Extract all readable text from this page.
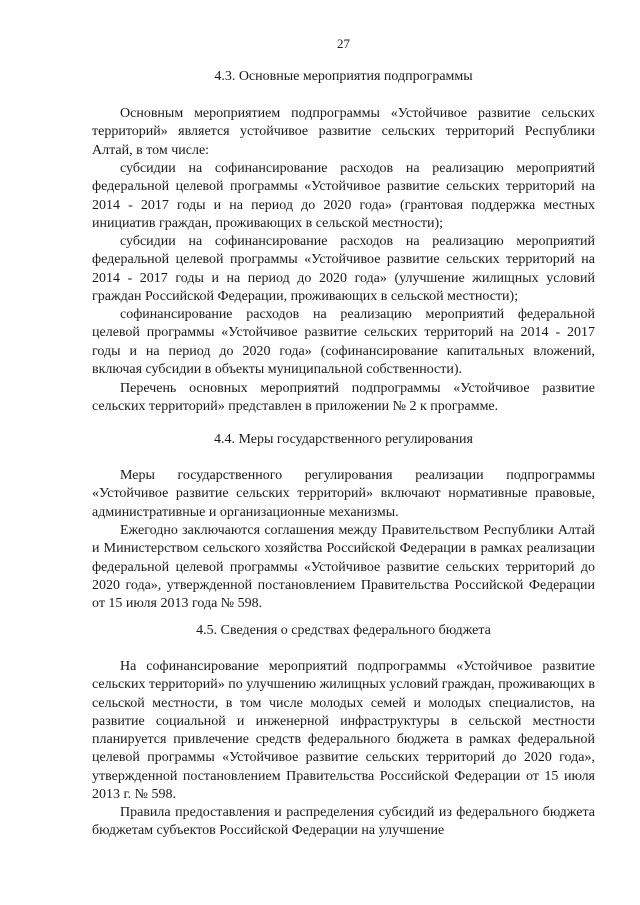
27
4.3. Основные мероприятия подпрограммы
Основным мероприятием подпрограммы «Устойчивое развитие сельских территорий» является устойчивое развитие сельских территорий Республики Алтай, в том числе:
субсидии на софинансирование расходов на реализацию мероприятий федеральной целевой программы «Устойчивое развитие сельских территорий на 2014 - 2017 годы и на период до 2020 года» (грантовая поддержка местных инициатив граждан, проживающих в сельской местности);
субсидии на софинансирование расходов на реализацию мероприятий федеральной целевой программы «Устойчивое развитие сельских территорий на 2014 - 2017 годы и на период до 2020 года» (улучшение жилищных условий граждан Российской Федерации, проживающих в сельской местности);
софинансирование расходов на реализацию мероприятий федеральной целевой программы «Устойчивое развитие сельских территорий на 2014 - 2017 годы и на период до 2020 года» (софинансирование капитальных вложений, включая субсидии в объекты муниципальной собственности).
Перечень основных мероприятий подпрограммы «Устойчивое развитие сельских территорий» представлен в приложении № 2 к программе.
4.4. Меры государственного регулирования
Меры государственного регулирования реализации подпрограммы «Устойчивое развитие сельских территорий» включают нормативные правовые, административные и организационные механизмы.
Ежегодно заключаются соглашения между Правительством Республики Алтай и Министерством сельского хозяйства Российской Федерации в рамках реализации федеральной целевой программы «Устойчивое развитие сельских территорий до 2020 года», утвержденной постановлением Правительства Российской Федерации от 15 июля 2013 года № 598.
4.5. Сведения о средствах федерального бюджета
На софинансирование мероприятий подпрограммы «Устойчивое развитие сельских территорий» по улучшению жилищных условий граждан, проживающих в сельской местности, в том числе молодых семей и молодых специалистов, на развитие социальной и инженерной инфраструктуры в сельской местности планируется привлечение средств федерального бюджета в рамках федеральной целевой программы «Устойчивое развитие сельских территорий до 2020 года», утвержденной постановлением Правительства Российской Федерации от 15 июля 2013 г. № 598.
Правила предоставления и распределения субсидий из федерального бюджета бюджетам субъектов Российской Федерации на улучшение
